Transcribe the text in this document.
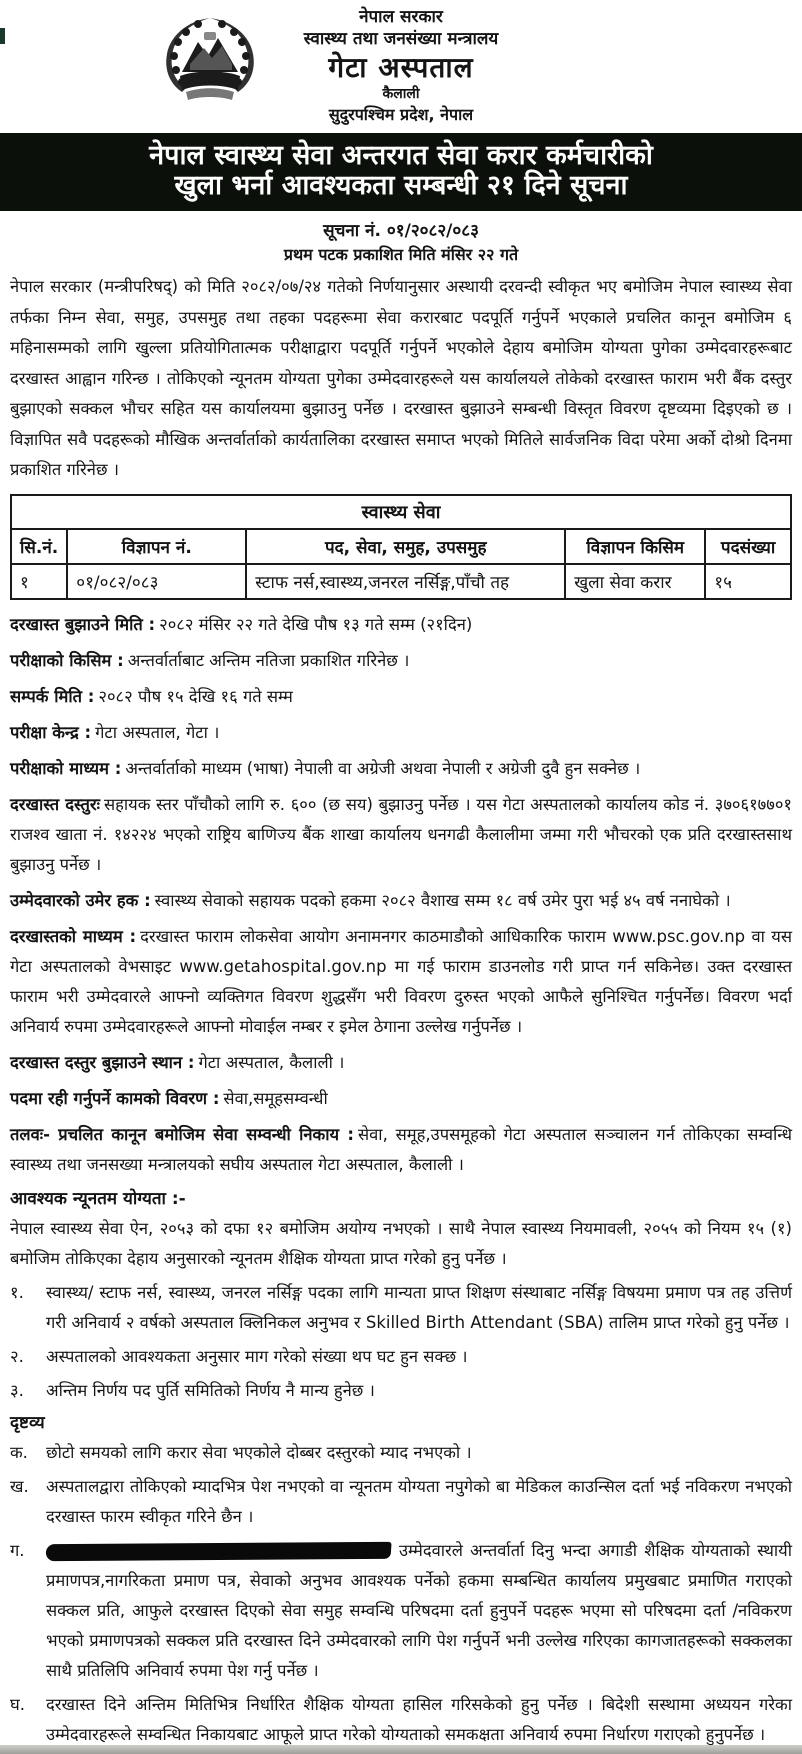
नेपाल सरकार
स्वास्थ्य तथा जनसंख्या मन्त्रालय
गेटा अस्पताल
कैलाली
सुदुरपश्चिम प्रदेश, नेपाल
नेपाल स्वास्थ्य सेवा अन्तरगत सेवा करार कर्मचारीको
खुला भर्ना आवश्यकता सम्बन्धी २१ दिने सूचना
सूचना नं. ०१/२०८२/०८३
प्रथम पटक प्रकाशित मिति मंसिर २२ गते

नेपाल सरकार (मन्त्रीपरिषद्) को मिति २०८२/०७/२४ गतेको निर्णयानुसार अस्थायी दरवन्दी स्वीकृत भए बमोजिम नेपाल स्वास्थ्य सेवा तर्फका निम्न सेवा, समुह, उपसमुह तथा तहका पदहरूमा सेवा करारबाट पदपूर्ति गर्नुपर्ने भएकाले प्रचलित कानून बमोजिम ६ महिनासम्मको लागि खुल्ला प्रतियोगितात्मक परीक्षाद्वारा पदपूर्ति गर्नुपर्ने भएकोले देहाय बमोजिम योग्यता पुगेका उम्मेदवारहरूबाट दरखास्त आह्वान गरिन्छ । तोकिएको न्यूनतम योग्यता पुगेका उम्मेदवारहरूले यस कार्यालयले तोकेको दरखास्त फाराम भरी बैंक दस्तुर बुझाएको सक्कल भौचर सहित यस कार्यालयमा बुझाउनु पर्नेछ । दरखास्त बुझाउने सम्बन्धी विस्तृत विवरण दृष्टव्यमा दिइएको छ । विज्ञापित सवै पदहरूको मौखिक अन्तर्वार्ताको कार्यतालिका दरखास्त समाप्त भएको मितिले सार्वजनिक विदा परेमा अर्को दोश्रो दिनमा प्रकाशित गरिनेछ ।

स्वास्थ्य सेवा				
सि.नं.	विज्ञापन नं.	पद, सेवा, समुह, उपसमुह	विज्ञापन किसिम	पदसंख्या
१	०१/०८२/०८३	स्टाफ नर्स,स्वास्थ्य,जनरल नर्सिङ्ग,पाँचौ तह	खुला सेवा करार	१५

दरखास्त बुझाउने मिति : २०८२ मंसिर २२ गते देखि पौष १३ गते सम्म (२१दिन)

परीक्षाको किसिम : अन्तर्वार्ताबाट अन्तिम नतिजा प्रकाशित गरिनेछ ।

सम्पर्क मिति : २०८२ पौष १५ देखि १६ गते सम्म

परीक्षा केन्द्र : गेटा अस्पताल, गेटा ।

परीक्षाको माध्यम : अन्तर्वार्ताको माध्यम (भाषा) नेपाली वा अग्रेजी अथवा नेपाली र अग्रेजी दुवै हुन सक्नेछ ।

दरखास्त दस्तुरः सहायक स्तर पाँचौको लागि रु. ६०० (छ सय) बुझाउनु पर्नेछ । यस गेटा अस्पतालको कार्यालय कोड नं. ३७०६१७७०१ राजश्व खाता नं. १४२२४ भएको राष्ट्रिय बाणिज्य बैंक शाखा कार्यालय धनगढी कैलालीमा जम्मा गरी भौचरको एक प्रति दरखास्तसाथ बुझाउनु पर्नेछ ।

उम्मेदवारको उमेर हक : स्वास्थ्य सेवाको सहायक पदको हकमा २०८२ वैशाख सम्म १८ वर्ष उमेर पुरा भई ४५ वर्ष ननाघेको ।

दरखास्तको माध्यम : दरखास्त फाराम लोकसेवा आयोग अनामनगर काठमाडौको आधिकारिक फाराम www.psc.gov.np वा यस गेटा अस्पतालको वेभसाइट www.getahospital.gov.np मा गई फाराम डाउनलोड गरी प्राप्त गर्न सकिनेछ। उक्त दरखास्त फाराम भरी उम्मेदवारले आफ्नो व्यक्तिगत विवरण शुद्धसँग भरी विवरण दुरुस्त भएको आफैले सुनिश्चित गर्नुपर्नेछ। विवरण भर्दा अनिवार्य रुपमा उम्मेदवारहरूले आफ्नो मोवाईल नम्बर र इमेल ठेगाना उल्लेख गर्नुपर्नेछ ।

दरखास्त दस्तुर बुझाउने स्थान : गेटा अस्पताल, कैलाली ।

पदमा रही गर्नुपर्ने कामको विवरण : सेवा,समूहसम्वन्धी

तलवः- प्रचलित कानून बमोजिम सेवा सम्वन्धी निकाय : सेवा, समूह,उपसमूहको गेटा अस्पताल सञ्चालन गर्न तोकिएका सम्वन्धि स्वास्थ्य तथा जनसख्या मन्त्रालयको सघीय अस्पताल गेटा अस्पताल, कैलाली ।

आवश्यक न्यूनतम योग्यता :-

नेपाल स्वास्थ्य सेवा ऐन, २०५३ को दफा १२ बमोजिम अयोग्य नभएको । साथै नेपाल स्वास्थ्य नियमावली, २०५५ को नियम १५ (१) बमोजिम तोकिएका देहाय अनुसारको न्यूनतम शैक्षिक योग्यता प्राप्त गरेको हुनु पर्नेछ ।

१.	स्वास्थ्य/ स्टाफ नर्स, स्वास्थ्य, जनरल नर्सिङ्ग पदका लागि मान्यता प्राप्त शिक्षण संस्थाबाट नर्सिङ्ग विषयमा प्रमाण पत्र तह उत्तिर्ण गरी अनिवार्य २ वर्षको अस्पताल क्लिनिकल अनुभव र Skilled Birth Attendant (SBA) तालिम प्राप्त गरेको हुनु पर्नेछ ।
२.	अस्पतालको आवश्यकता अनुसार माग गरेको संख्या थप घट हुन सक्छ ।
३.	अन्तिम निर्णय पद पुर्ति समितिको निर्णय नै मान्य हुनेछ ।
दृष्टव्य
क.	छोटो समयको लागि करार सेवा भएकोले दोब्बर दस्तुरको म्याद नभएको ।
ख.	अस्पतालद्वारा तोकिएको म्यादभित्र पेश नभएको वा न्यूनतम योग्यता नपुगेको बा मेडिकल काउन्सिल दर्ता भई नविकरण नभएको दरखास्त फारम स्वीकृत गरिने छैन ।
ग.	उम्मेदवारले अन्तर्वार्ता दिनु भन्दा अगाडी शैक्षिक योग्यताको स्थायी प्रमाणपत्र,नागरिकता प्रमाण पत्र, सेवाको अनुभव आवश्यक पर्नेको हकमा सम्बन्धित कार्यालय प्रमुखबाट प्रमाणित गराएको सक्कल प्रति, आफुले दरखास्त दिएको सेवा समुह सम्वन्धि परिषदमा दर्ता हुनुपर्ने पदहरू भएमा सो परिषदमा दर्ता /नविकरण भएको प्रमाणपत्रको सक्कल प्रति दरखास्त दिने उम्मेदवारको लागि पेश गर्नुपर्ने भनी उल्लेख गरिएका कागजातहरूको सक्कलका साथै प्रतिलिपि अनिवार्य रुपमा पेश गर्नु पर्नेछ ।
घ.	दरखास्त दिने अन्तिम मितिभित्र निर्धारित शैक्षिक योग्यता हासिल गरिसकेको हुनु पर्नेछ । बिदेशी सस्थामा अध्ययन गरेका उम्मेदवारहरूले सम्वन्धित निकायबाट आफूले प्राप्त गरेको योग्यताको समकक्षता अनिवार्य रुपमा निर्धारण गराएको हुनुपर्नेछ ।
